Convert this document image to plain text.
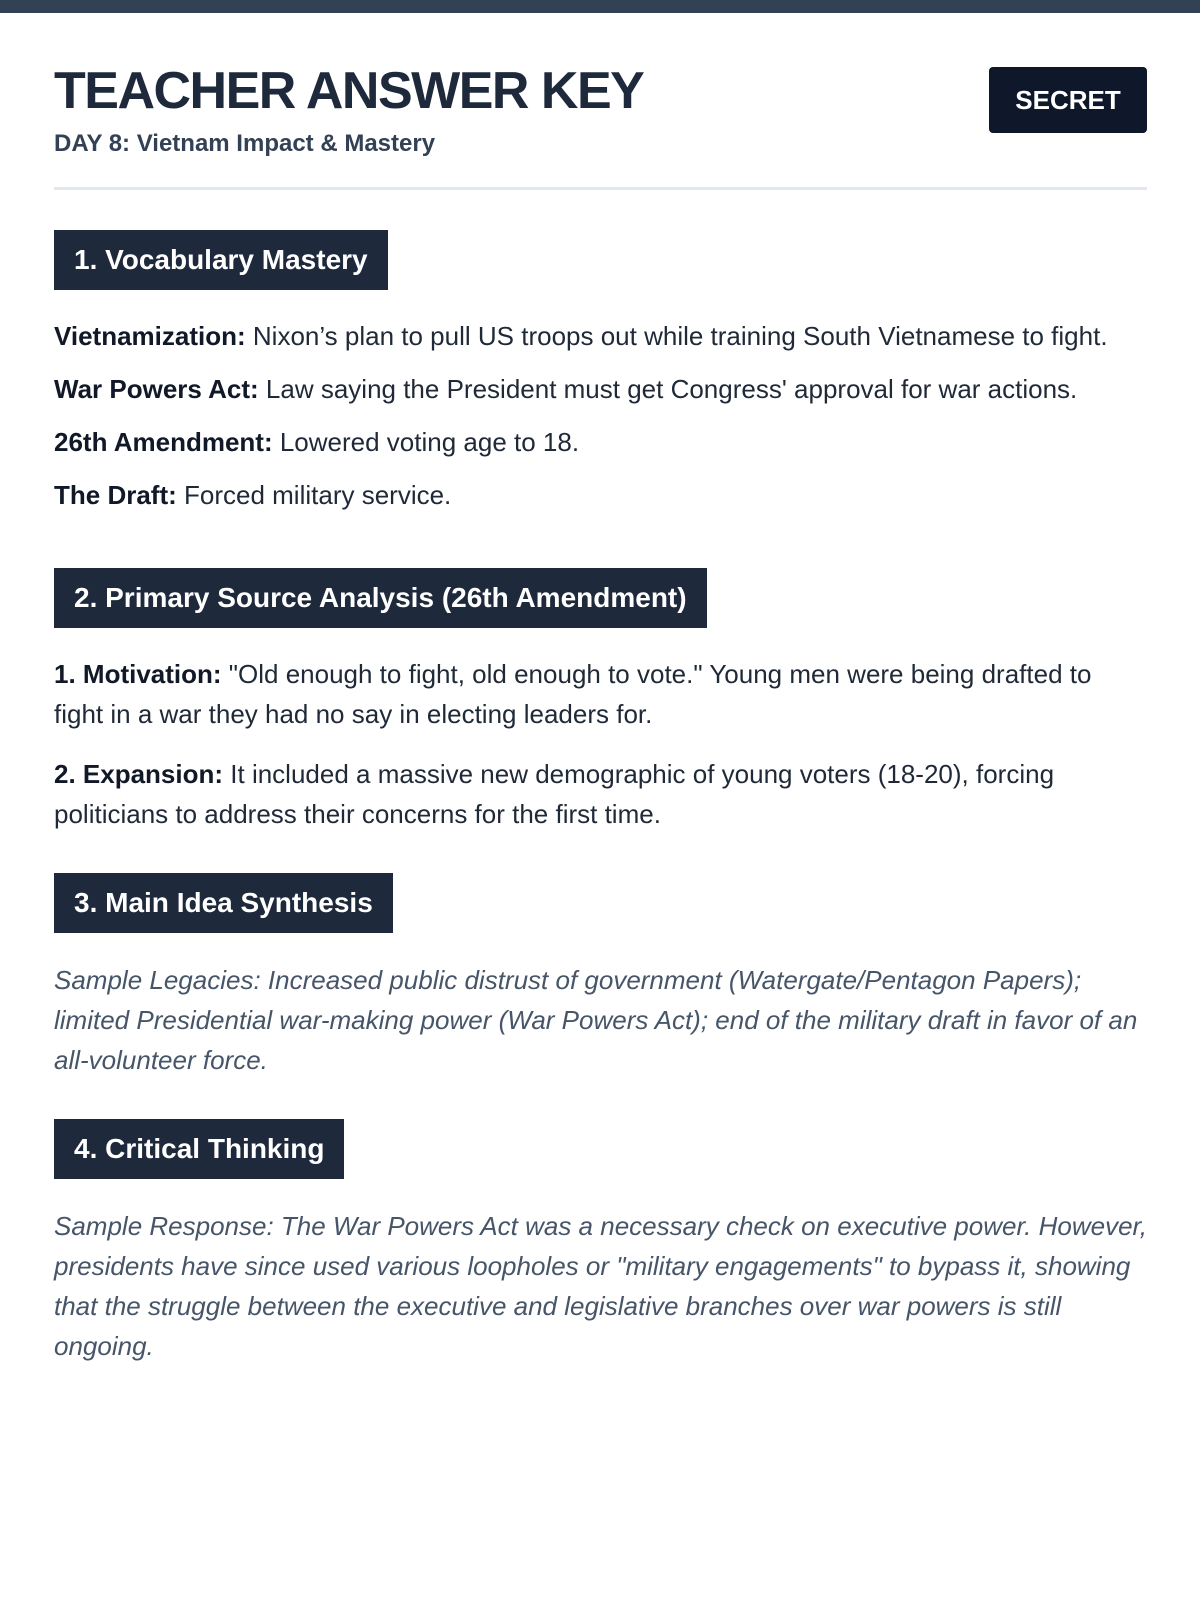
TEACHER ANSWER KEY
DAY 8: Vietnam Impact & Mastery
SECRET
1. Vocabulary Mastery

Vietnamization: Nixon’s plan to pull US troops out while training South Vietnamese to fight.

War Powers Act: Law saying the President must get Congress' approval for war actions.

26th Amendment: Lowered voting age to 18.

The Draft: Forced military service.

2. Primary Source Analysis (26th Amendment)

1. Motivation: "Old enough to fight, old enough to vote." Young men were being drafted to fight in a war they had no say in electing leaders for.

2. Expansion: It included a massive new demographic of young voters (18-20), forcing politicians to address their concerns for the first time.

3. Main Idea Synthesis

Sample Legacies: Increased public distrust of government (Watergate/Pentagon Papers); limited Presidential war-making power (War Powers Act); end of the military draft in favor of an all-volunteer force.

4. Critical Thinking

Sample Response: The War Powers Act was a necessary check on executive power. However, presidents have since used various loopholes or "military engagements" to bypass it, showing that the struggle between the executive and legislative branches over war powers is still ongoing.
